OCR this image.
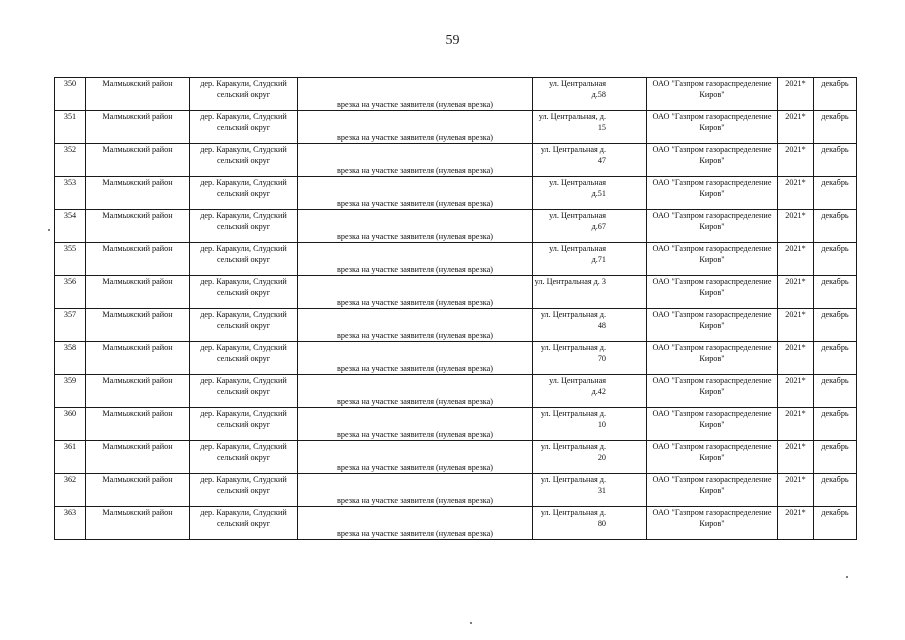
59
350	Малмыжский район	дер. Каракули, Слудский сельский округ	врезка на участке заявителя (нулевая врезка)	ул. Центральная д.58	ОАО "Газпром газораспределение Киров"	2021*	декабрь
351	Малмыжский район	дер. Каракули, Слудский сельский округ	врезка на участке заявителя (нулевая врезка)	ул. Центральная, д. 15	ОАО "Газпром газораспределение Киров"	2021*	декабрь
352	Малмыжский район	дер. Каракули, Слудский сельский округ	врезка на участке заявителя (нулевая врезка)	ул. Центральная д. 47	ОАО "Газпром газораспределение Киров"	2021*	декабрь
353	Малмыжский район	дер. Каракули, Слудский сельский округ	врезка на участке заявителя (нулевая врезка)	ул. Центральная д.51	ОАО "Газпром газораспределение Киров"	2021*	декабрь
354	Малмыжский район	дер. Каракули, Слудский сельский округ	врезка на участке заявителя (нулевая врезка)	ул. Центральная д.67	ОАО "Газпром газораспределение Киров"	2021*	декабрь
355	Малмыжский район	дер. Каракули, Слудский сельский округ	врезка на участке заявителя (нулевая врезка)	ул. Центральная д.71	ОАО "Газпром газораспределение Киров"	2021*	декабрь
356	Малмыжский район	дер. Каракули, Слудский сельский округ	врезка на участке заявителя (нулевая врезка)	ул. Центральная д. 3	ОАО "Газпром газораспределение Киров"	2021*	декабрь
357	Малмыжский район	дер. Каракули, Слудский сельский округ	врезка на участке заявителя (нулевая врезка)	ул. Центральная д. 48	ОАО "Газпром газораспределение Киров"	2021*	декабрь
358	Малмыжский район	дер. Каракули, Слудский сельский округ	врезка на участке заявителя (нулевая врезка)	ул. Центральная д. 70	ОАО "Газпром газораспределение Киров"	2021*	декабрь
359	Малмыжский район	дер. Каракули, Слудский сельский округ	врезка на участке заявителя (нулевая врезка)	ул. Центральная д.42	ОАО "Газпром газораспределение Киров"	2021*	декабрь
360	Малмыжский район	дер. Каракули, Слудский сельский округ	врезка на участке заявителя (нулевая врезка)	ул. Центральная д. 10	ОАО "Газпром газораспределение Киров"	2021*	декабрь
361	Малмыжский район	дер. Каракули, Слудский сельский округ	врезка на участке заявителя (нулевая врезка)	ул. Центральная д. 20	ОАО "Газпром газораспределение Киров"	2021*	декабрь
362	Малмыжский район	дер. Каракули, Слудский сельский округ	врезка на участке заявителя (нулевая врезка)	ул. Центральная д. 31	ОАО "Газпром газораспределение Киров"	2021*	декабрь
363	Малмыжский район	дер. Каракули, Слудский сельский округ	врезка на участке заявителя (нулевая врезка)	ул. Центральная д. 80	ОАО "Газпром газораспределение Киров"	2021*	декабрь
